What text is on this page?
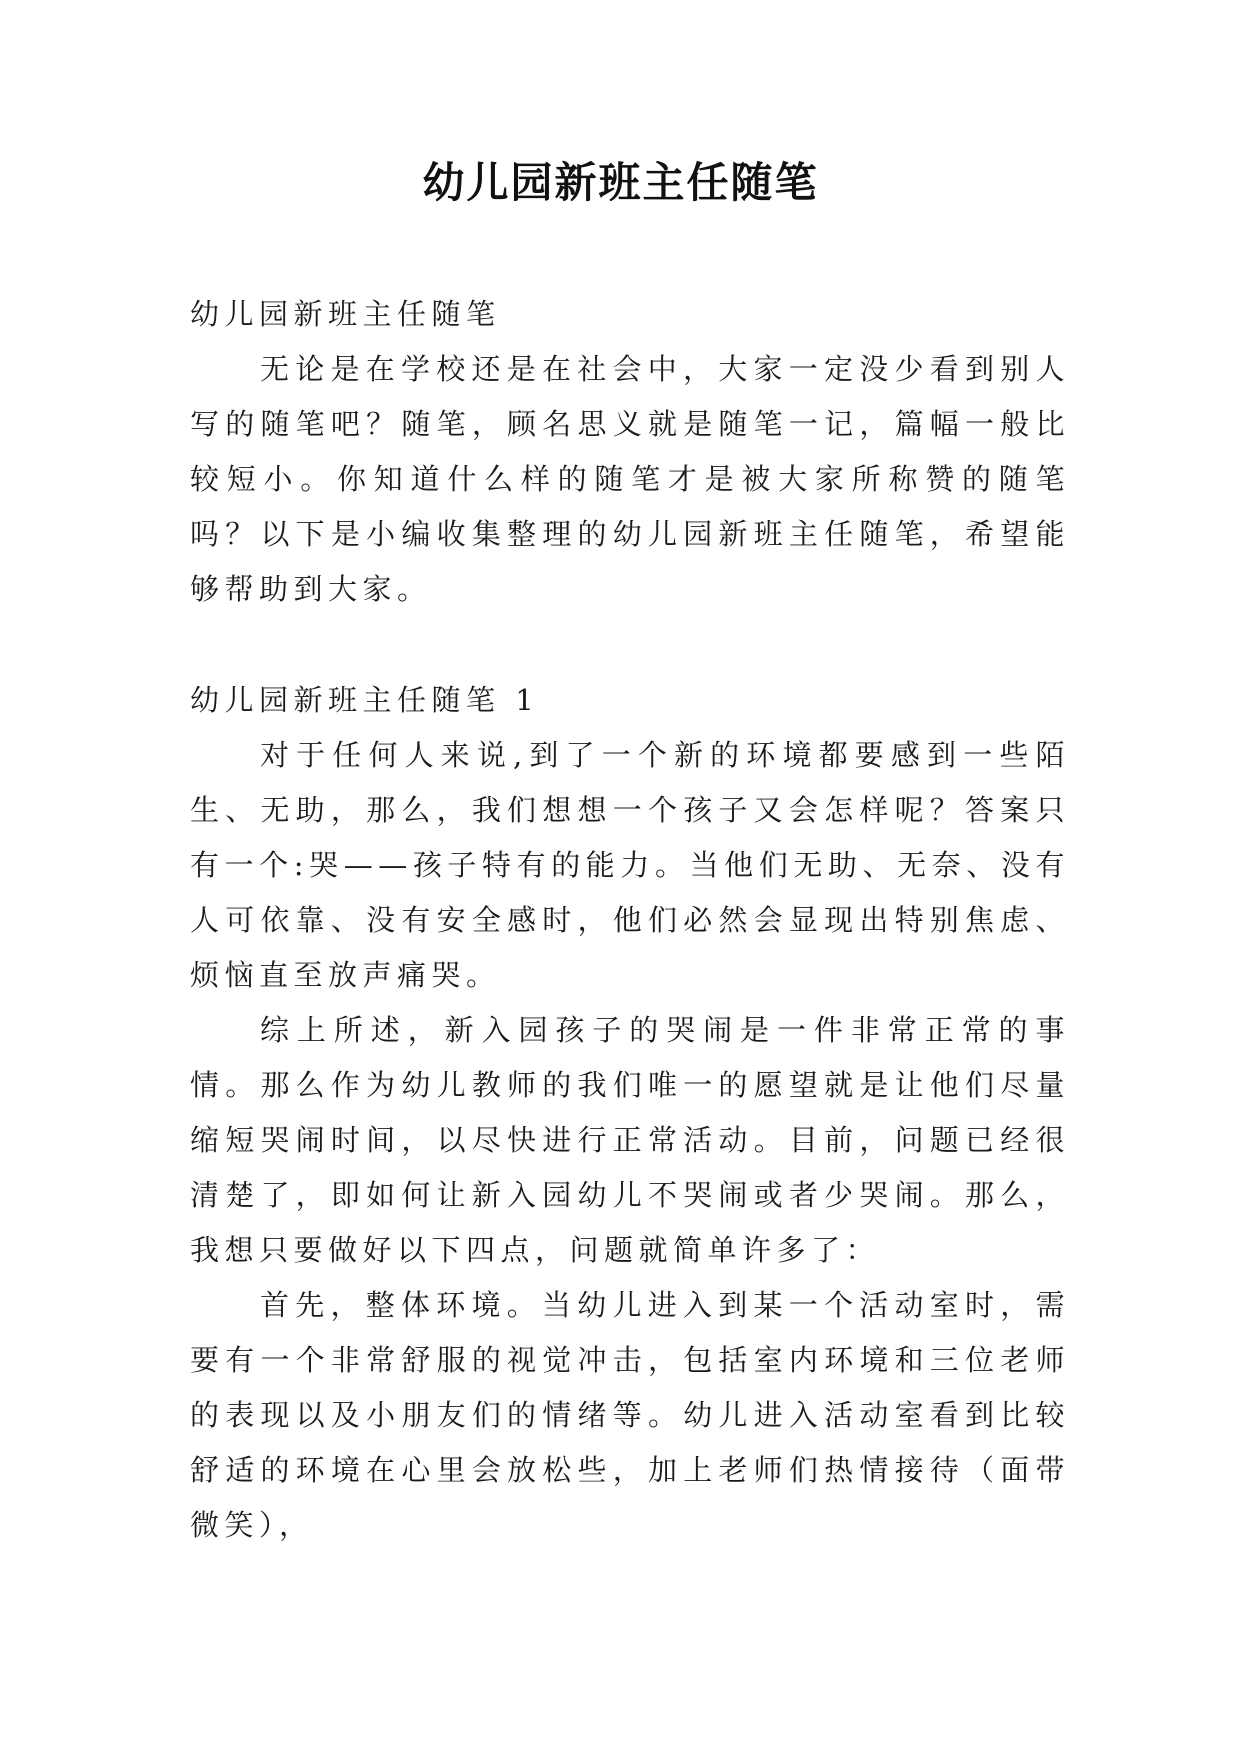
幼儿园新班主任随笔

幼儿园新班主任随笔

无论是在学校还是在社会中，大家一定没少看到别人写的随笔吧？随笔，顾名思义就是随笔一记，篇幅一般比较短小。你知道什么样的随笔才是被大家所称赞的随笔吗？以下是小编收集整理的幼儿园新班主任随笔，希望能够帮助到大家。

幼儿园新班主任随笔 1

对于任何人来说,到了一个新的环境都要感到一些陌生、无助，那么，我们想想一个孩子又会怎样呢？答案只有一个:哭——孩子特有的能力。当他们无助、无奈、没有人可依靠、没有安全感时，他们必然会显现出特别焦虑、烦恼直至放声痛哭。

综上所述，新入园孩子的哭闹是一件非常正常的事情。那么作为幼儿教师的我们唯一的愿望就是让他们尽量缩短哭闹时间，以尽快进行正常活动。目前，问题已经很清楚了，即如何让新入园幼儿不哭闹或者少哭闹。那么，我想只要做好以下四点，问题就简单许多了：

首先，整体环境。当幼儿进入到某一个活动室时，需要有一个非常舒服的视觉冲击，包括室内环境和三位老师的表现以及小朋友们的情绪等。幼儿进入活动室看到比较舒适的环境在心里会放松些，加上老师们热情接待（面带微笑），
